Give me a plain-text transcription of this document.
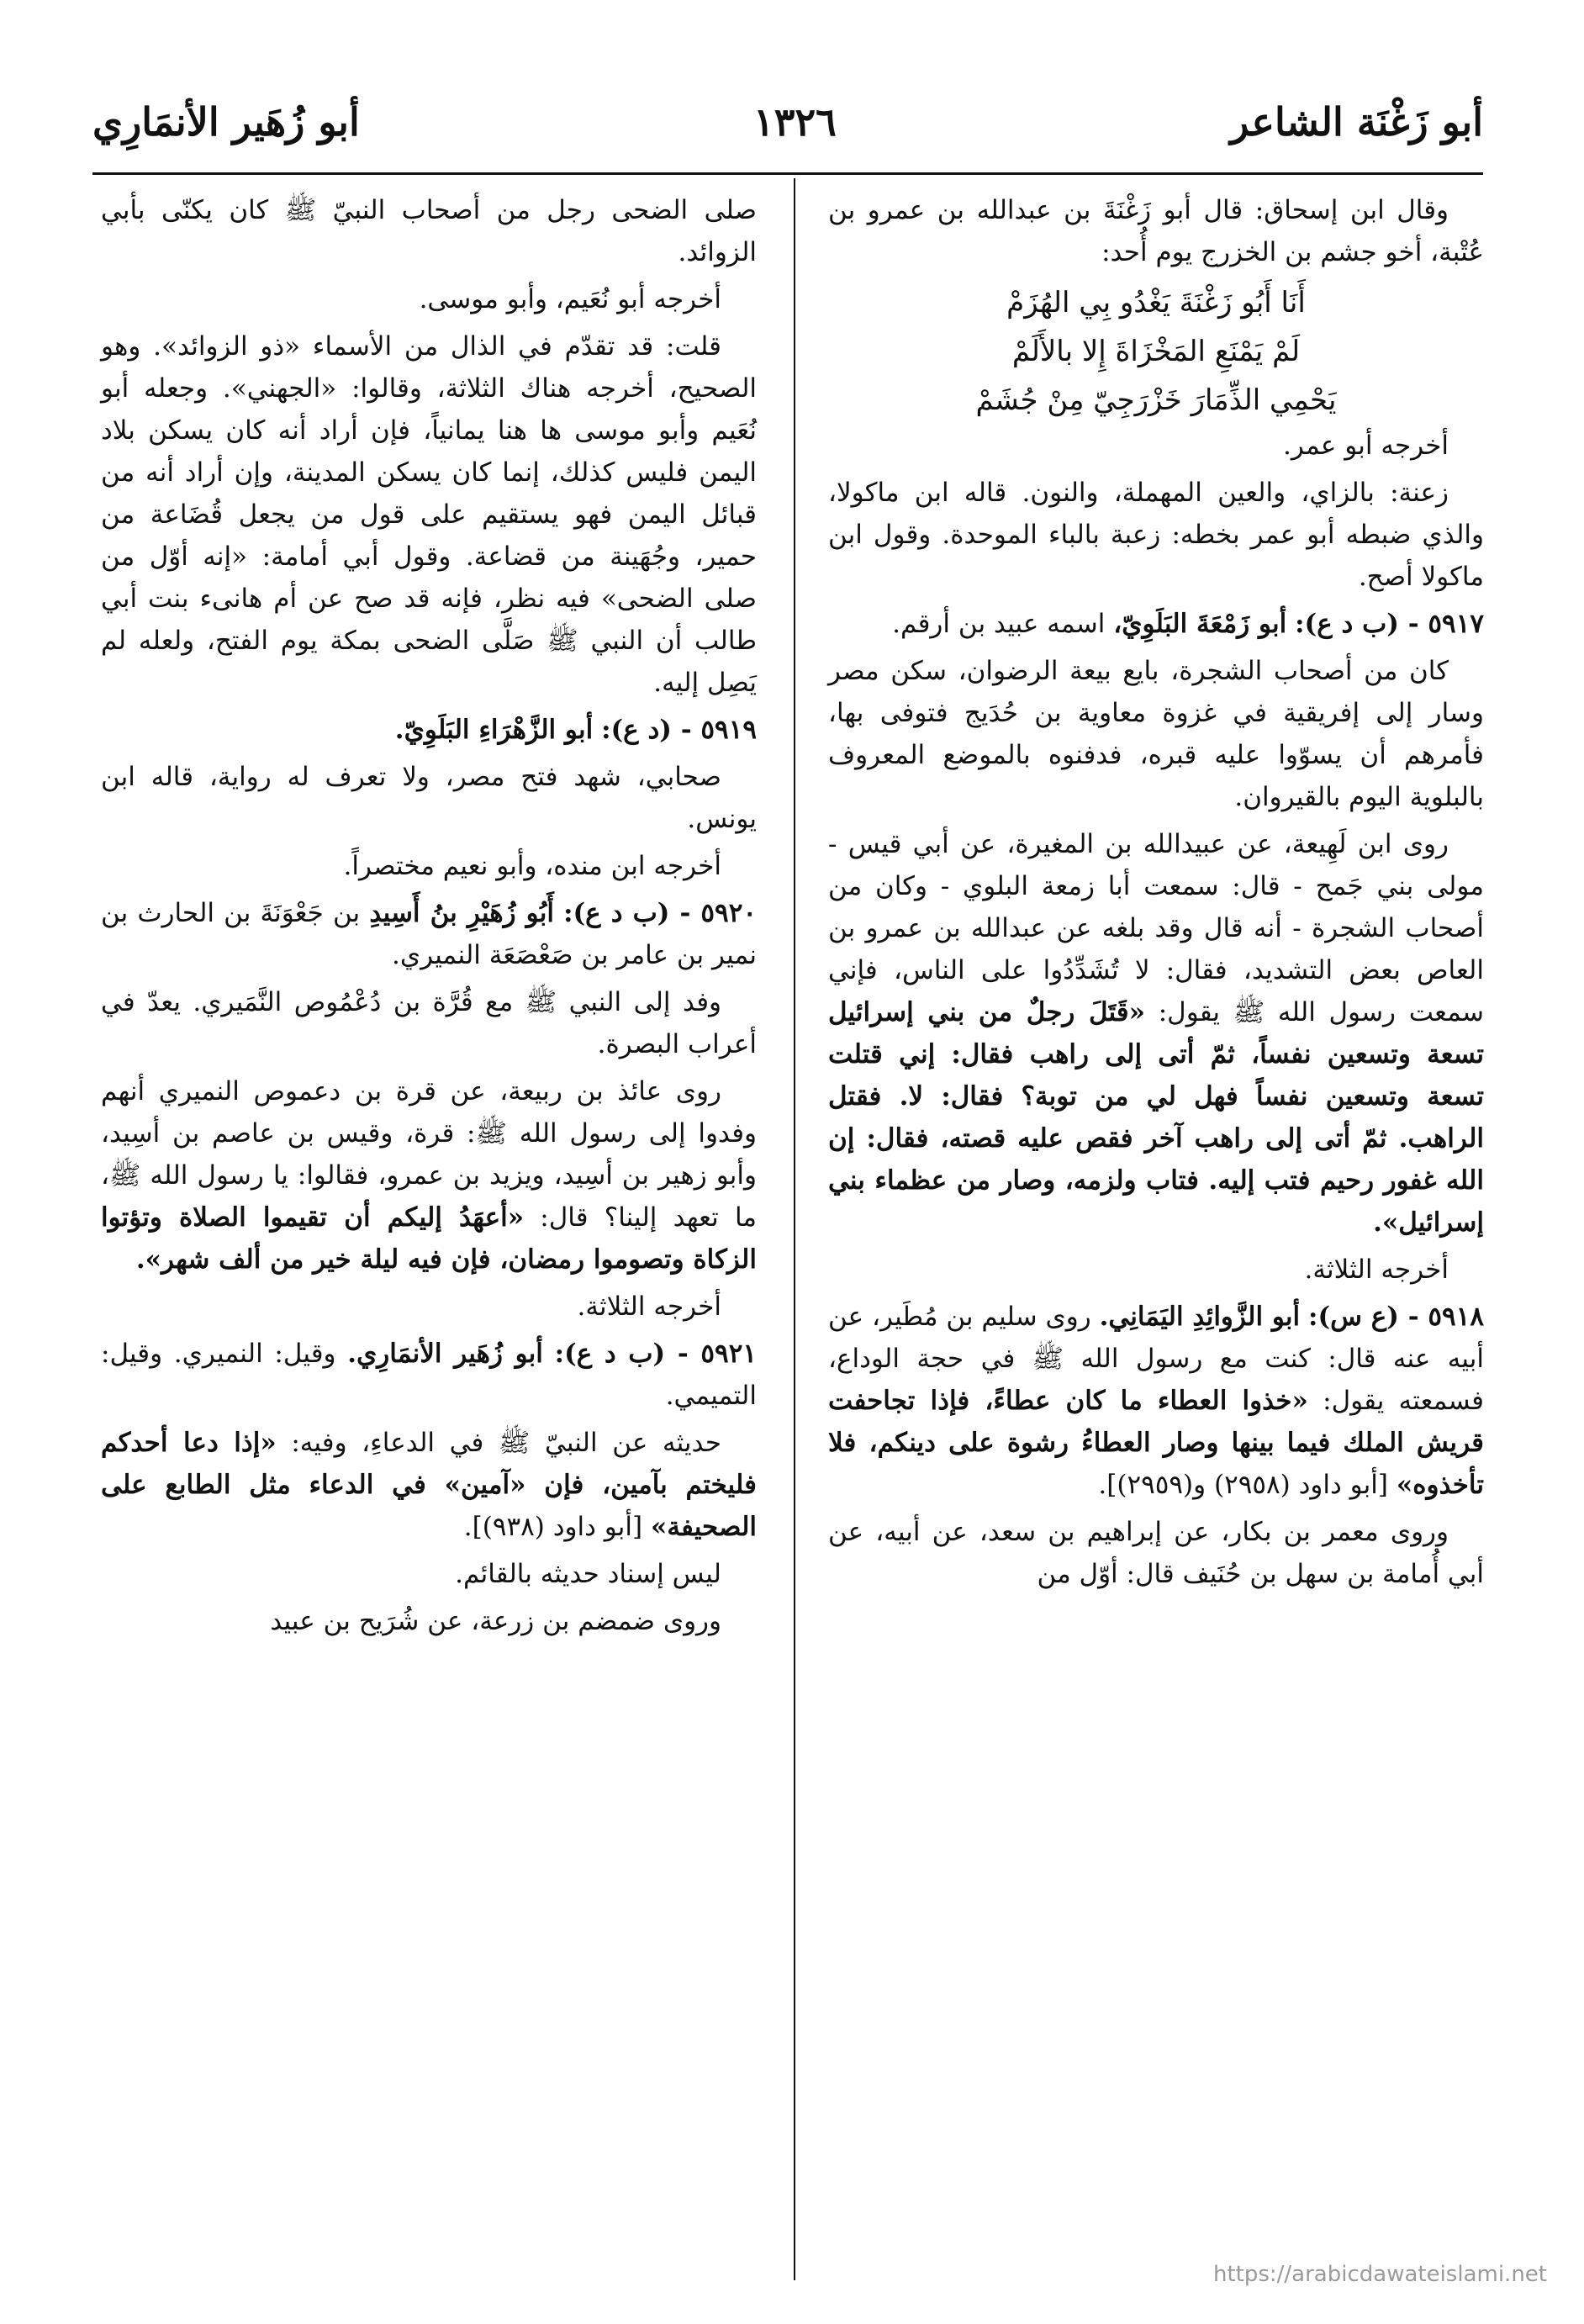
أبو زَغْنَة الشاعر
١٣٢٦
أبو زُهَير الأنمَارِي

وقال ابن إسحاق: قال أبو زَغْنَةَ بن عبدالله بن عمرو بن عُتْبة، أخو جشم بن الخزرج يوم أُحد:

أَنَا أَبُو زَغْنَةَ يَغْدُو بِي الهُزَمْ

لَمْ يَمْنَعِ المَخْزَاةَ إِلا بالأَلَمْ

يَحْمِي الذِّمَارَ خَزْرَجِيّ مِنْ جُشَمْ

أخرجه أبو عمر.

زعنة: بالزاي، والعين المهملة، والنون. قاله ابن ماكولا، والذي ضبطه أبو عمر بخطه: زعبة بالباء الموحدة. وقول ابن ماكولا أصح.

٥٩١٧ - (ب د ع): أبو زَمْعَةَ البَلَوِيّ، اسمه عبيد بن أرقم.

كان من أصحاب الشجرة، بايع بيعة الرضوان، سكن مصر وسار إلى إفريقية في غزوة معاوية بن حُدَيج فتوفى بها، فأمرهم أن يسوّوا عليه قبره، فدفنوه بالموضع المعروف بالبلوية اليوم بالقيروان.

روى ابن لَهِيعة، عن عبيدالله بن المغيرة، عن أبي قيس - مولى بني جَمح - قال: سمعت أبا زمعة البلوي - وكان من أصحاب الشجرة - أنه قال وقد بلغه عن عبدالله بن عمرو بن العاص بعض التشديد، فقال: لا تُشَدِّدُوا على الناس، فإني سمعت رسول الله ﷺ يقول: «قَتَلَ رجلٌ من بني إسرائيل تسعة وتسعين نفساً، ثمّ أتى إلى راهب فقال: إني قتلت تسعة وتسعين نفساً فهل لي من توبة؟ فقال: لا. فقتل الراهب. ثمّ أتى إلى راهب آخر فقص عليه قصته، فقال: إن الله غفور رحيم فتب إليه. فتاب ولزمه، وصار من عظماء بني إسرائيل».

أخرجه الثلاثة.

٥٩١٨ - (ع س): أبو الزَّوائِدِ اليَمَانِي. روى سليم بن مُطَير، عن أبيه عنه قال: كنت مع رسول الله ﷺ في حجة الوداع، فسمعته يقول: «خذوا العطاء ما كان عطاءً، فإذا تجاحفت قريش الملك فيما بينها وصار العطاءُ رشوة على دينكم، فلا تأخذوه» [أبو داود (٢٩٥٨) و(٢٩٥٩)].

وروى معمر بن بكار، عن إبراهيم بن سعد، عن أبيه، عن أبي أُمامة بن سهل بن حُنَيف قال: أوّل من

صلى الضحى رجل من أصحاب النبيّ ﷺ كان يكنّى بأبي الزوائد.

أخرجه أبو نُعَيم، وأبو موسى.

قلت: قد تقدّم في الذال من الأسماء «ذو الزوائد». وهو الصحيح، أخرجه هناك الثلاثة، وقالوا: «الجهني». وجعله أبو نُعَيم وأبو موسى ها هنا يمانياً، فإن أراد أنه كان يسكن بلاد اليمن فليس كذلك، إنما كان يسكن المدينة، وإن أراد أنه من قبائل اليمن فهو يستقيم على قول من يجعل قُضَاعة من حمير، وجُهَينة من قضاعة. وقول أبي أمامة: «إنه أوّل من صلى الضحى» فيه نظر، فإنه قد صح عن أم هانىء بنت أبي طالب أن النبي ﷺ صَلَّى الضحى بمكة يوم الفتح، ولعله لم يَصِل إليه.

٥٩١٩ - (د ع): أبو الزَّهْرَاءِ البَلَوِيّ.

صحابي، شهد فتح مصر، ولا تعرف له رواية، قاله ابن يونس.

أخرجه ابن منده، وأبو نعيم مختصراً.

٥٩٢٠ - (ب د ع): أَبُو زُهَيْرِ بنُ أَسِيدِ بن جَعْوَنَةَ بن الحارث بن نمير بن عامر بن صَعْصَعَة النميري.

وفد إلى النبي ﷺ مع قُرَّة بن دُعْمُوص النَّمَيري. يعدّ في أعراب البصرة.

روى عائذ بن ربيعة، عن قرة بن دعموص النميري أنهم وفدوا إلى رسول الله ﷺ: قرة، وقيس بن عاصم بن أسِيد، وأبو زهير بن أسِيد، ويزيد بن عمرو، فقالوا: يا رسول الله ﷺ، ما تعهد إلينا؟ قال: «أعهَدُ إليكم أن تقيموا الصلاة وتؤتوا الزكاة وتصوموا رمضان، فإن فيه ليلة خير من ألف شهر».

أخرجه الثلاثة.

٥٩٢١ - (ب د ع): أبو زُهَير الأنمَارِي. وقيل: النميري. وقيل: التميمي.

حديثه عن النبيّ ﷺ في الدعاءِ، وفيه: «إذا دعا أحدكم فليختم بآمين، فإن «آمين» في الدعاء مثل الطابع على الصحيفة» [أبو داود (٩٣٨)].

ليس إسناد حديثه بالقائم.

وروى ضمضم بن زرعة، عن شُرَيح بن عبيد

https://arabicdawateislami.net
